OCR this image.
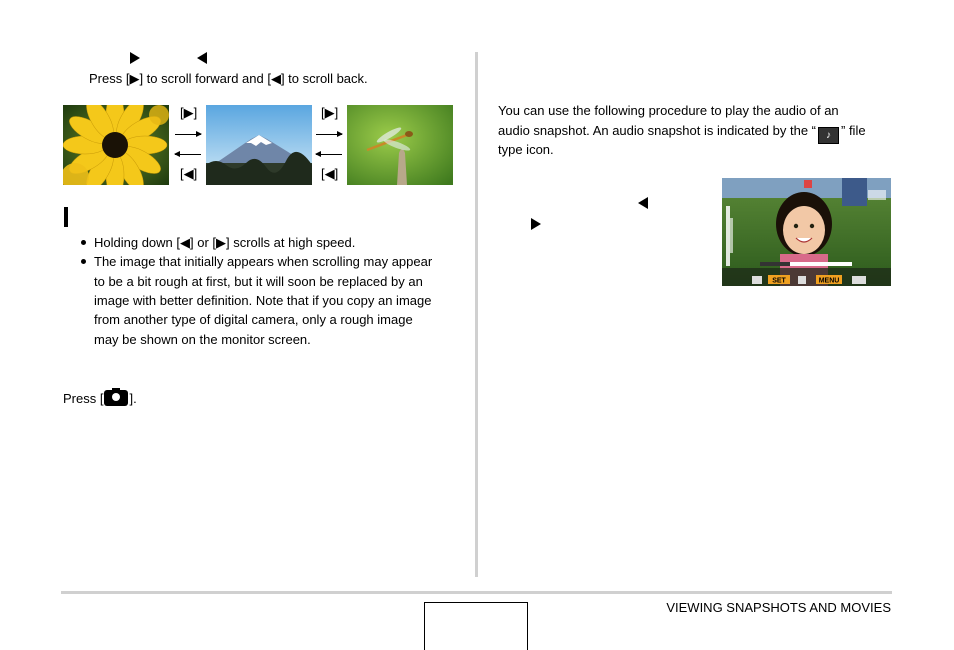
Press [▶] to scroll forward and [◀] to scroll back.
[▶]
[◀]
[▶]
[◀]
Holding down [◀] or [▶] scrolls at high speed.
The image that initially appears when scrolling may appear
to be a bit rough at first, but it will soon be replaced by an
image with better definition. Note that if you copy an image
from another type of digital camera, only a rough image
may be shown on the monitor screen.
Press [ ].
You can use the following procedure to play the audio of an
audio snapshot. An audio snapshot is indicated by the “ ♪ ” file
type icon.
SET	MENU
VIEWING SNAPSHOTS AND MOVIES
